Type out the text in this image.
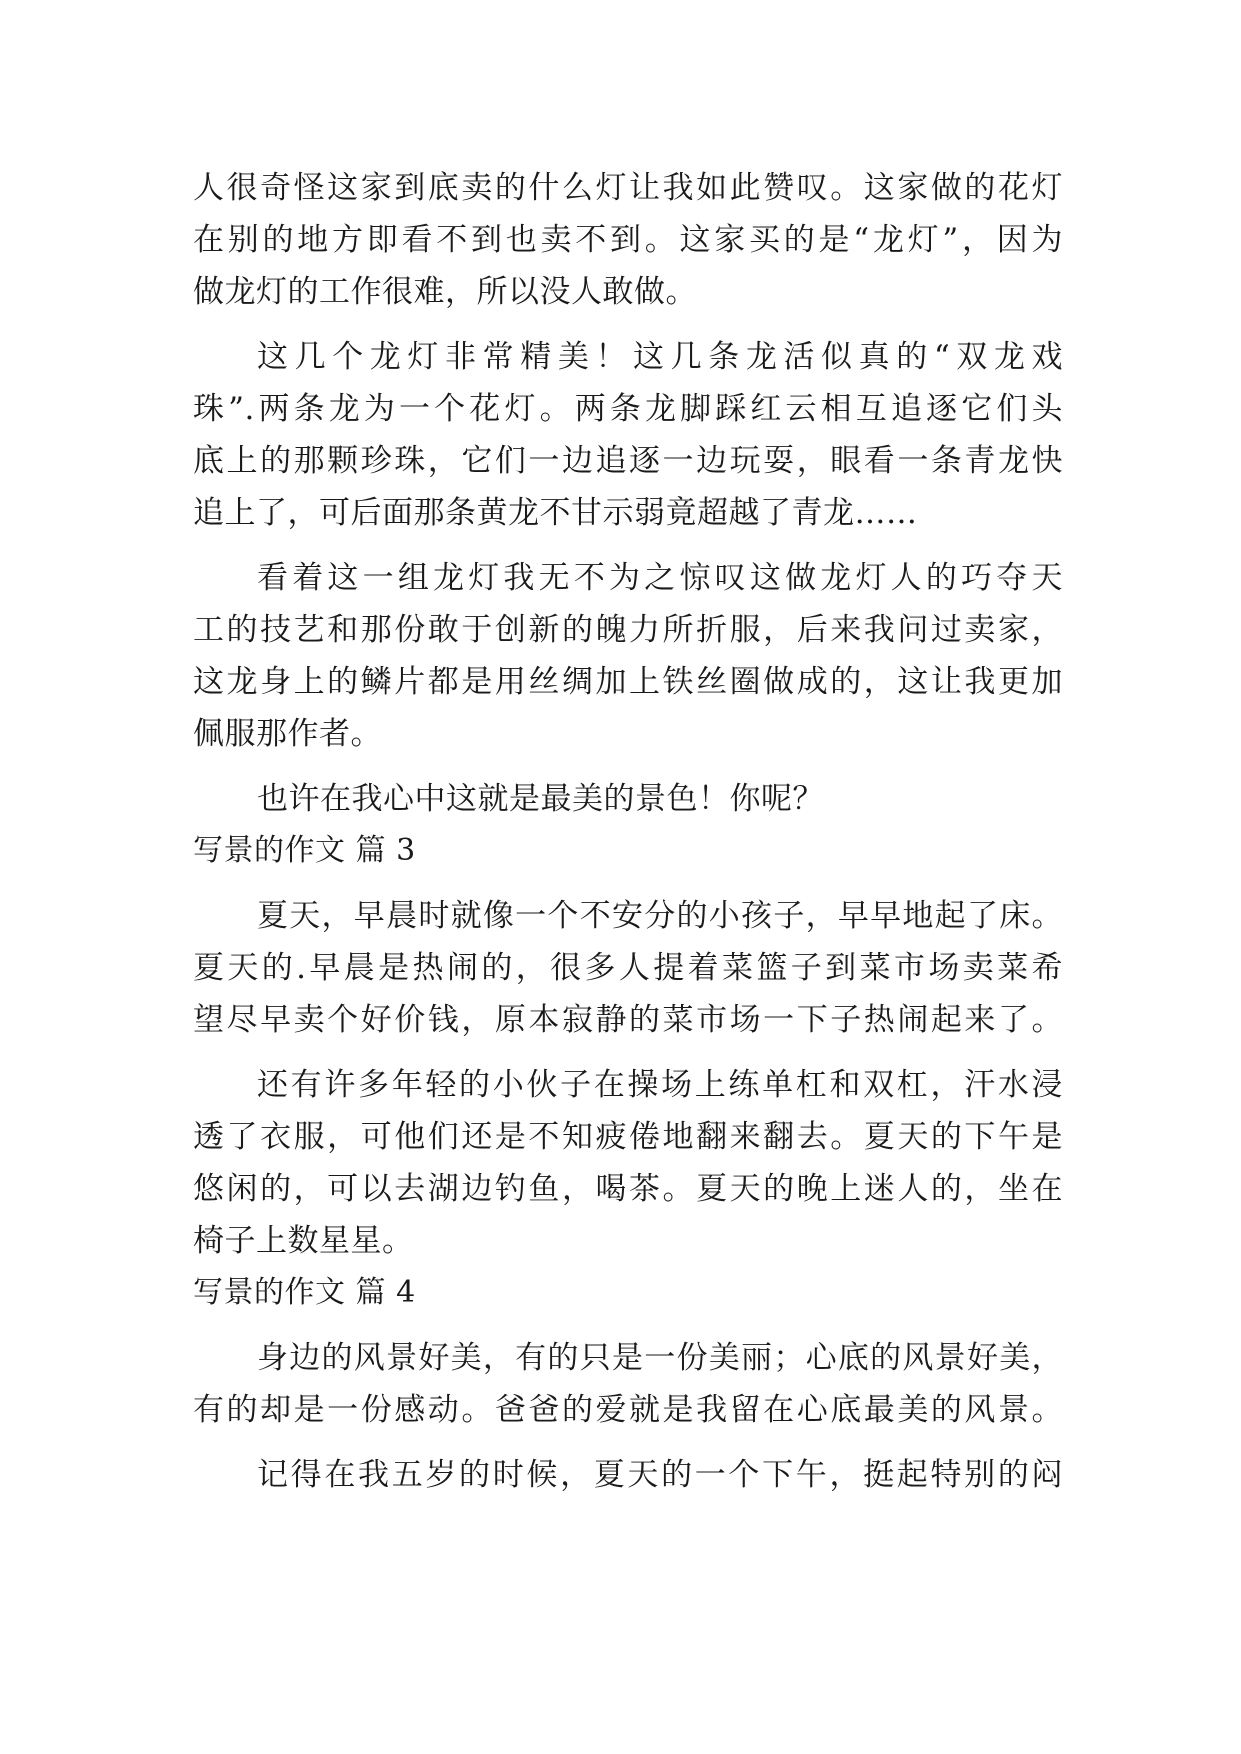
人很奇怪这家到底卖的什么灯让我如此赞叹。这家做的花灯
在别的地方即看不到也卖不到。这家买的是“龙灯”，因为
做龙灯的工作很难，所以没人敢做。
这几个龙灯非常精美！这几条龙活似真的“双龙戏
珠”.两条龙为一个花灯。两条龙脚踩红云相互追逐它们头
底上的那颗珍珠，它们一边追逐一边玩耍，眼看一条青龙快
追上了，可后面那条黄龙不甘示弱竟超越了青龙……
看着这一组龙灯我无不为之惊叹这做龙灯人的巧夺天
工的技艺和那份敢于创新的魄力所折服，后来我问过卖家，
这龙身上的鳞片都是用丝绸加上铁丝圈做成的，这让我更加
佩服那作者。
也许在我心中这就是最美的景色！你呢？
写景的作文 篇 3
夏天，早晨时就像一个不安分的小孩子，早早地起了床。
夏天的.早晨是热闹的，很多人提着菜篮子到菜市场卖菜希
望尽早卖个好价钱，原本寂静的菜市场一下子热闹起来了。
还有许多年轻的小伙子在操场上练单杠和双杠，汗水浸
透了衣服，可他们还是不知疲倦地翻来翻去。夏天的下午是
悠闲的，可以去湖边钓鱼，喝茶。夏天的晚上迷人的，坐在
椅子上数星星。
写景的作文 篇 4
身边的风景好美，有的只是一份美丽；心底的风景好美，
有的却是一份感动。爸爸的爱就是我留在心底最美的风景。
记得在我五岁的时候，夏天的一个下午，挺起特别的闷
